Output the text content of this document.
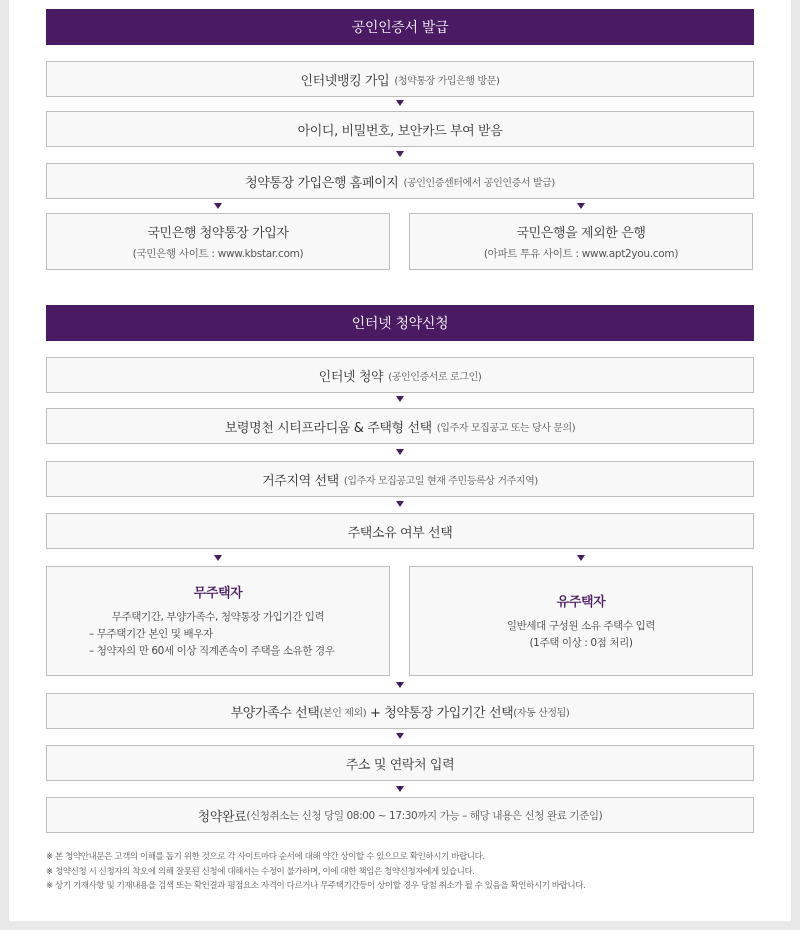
공인인증서 발급
인터넷뱅킹 가입 (청약통장 가입은행 방문)
아이디, 비밀번호, 보안카드 부여 받음
청약통장 가입은행 홈페이지 (공인인증센터에서 공인인증서 발급)
국민은행 청약통장 가입자
(국민은행 사이트 : www.kbstar.com)
국민은행을 제외한 은행
(아파트 투유 사이트 : www.apt2you.com)
인터넷 청약신청
인터넷 청약 (공인인증서로 로그인)
보령명천 시티프라디움 & 주택형 선택 (입주자 모집공고 또는 당사 문의)
거주지역 선택 (입주자 모집공고일 현재 주민등록상 거주지역)
주택소유 여부 선택
무주택자
무주택기간, 부양가족수, 청약통장 가입기간 입력
– 무주택기간 본인 및 배우자
– 청약자의 만 60세 이상 직계존속이 주택을 소유한 경우
유주택자
일반세대 구성원 소유 주택수 입력
(1주택 이상 : 0점 처리)
부양가족수 선택 (본인 제외) + 청약통장 가입기간 선택 (자동 산정됨)
주소 및 연락처 입력
청약완료 (신청취소는 신청 당일 08:00 ~ 17:30까지 가능 – 해당 내용은 신청 완료 기준임)
※ 본 청약안내문은 고객의 이해를 돕기 위한 것으로 각 사이트마다 순서에 대해 약간 상이할 수 있으므로 확인하시기 바랍니다.
※ 청약신청 시 신청자의 착오에 의해 잘못된 신청에 대해서는 수정이 불가하며, 이에 대한 책임은 청약신청자에게 있습니다.
※ 상기 기재사항 및 기재내용을 검색 또는 확인결과 평점요소 자격이 다르거나 무주택기간등이 상이할 경우 당첨 취소가 될 수 있음을 확인하시기 바랍니다.
